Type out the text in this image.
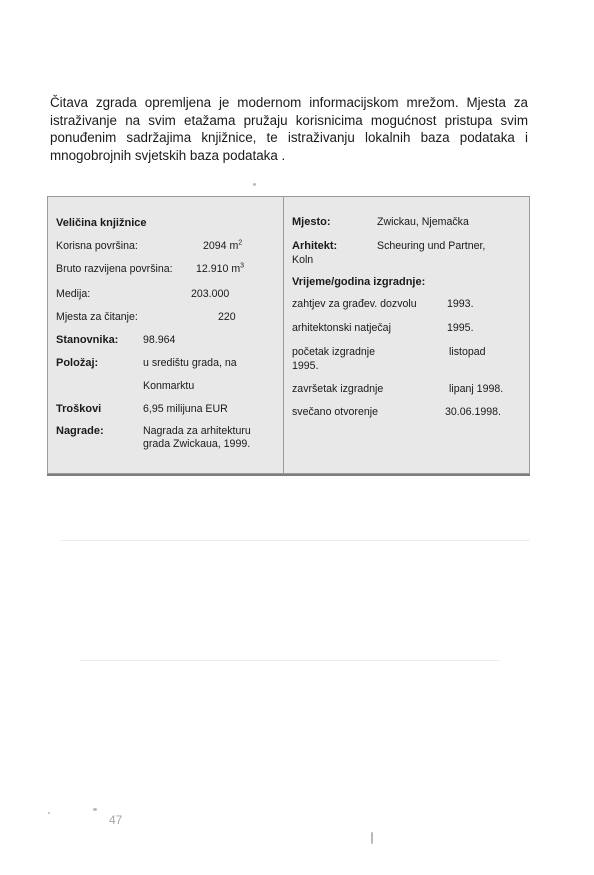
Čitava zgrada opremljena je modernom informacijskom mrežom. Mjesta za istraživanje na svim etažama pružaju korisnicima mogućnost pristupa svim ponuđenim sadržajima knjižnice, te istraživanju lokalnih baza podataka i mnogobrojnih svjetskih baza podataka .

Veličina knjižnice
Korisna površina:	2094 $m^2$
Bruto razvijena površina: 12.910 $m^3$
Medija:	203.000
Mjesta za čitanje:	220
Stanovnika: 98.964
Položaj:	u središtu grada, na
Konmarktu
Troškovi	6,95 milijuna EUR
Nagrade:	Nagrada za arhitekturu
grada Zwickaua, 1999.
Mjesto:	Zwickau, Njemačka
Arhitekt:	Scheuring und Partner,
Koln
Vrijeme/godina izgradnje:
zahtjev za građev. dozvolu	1993.
arhitektonski natječaj	1995.
početak izgradnje	listopad
1995.
završetak izgradnje	lipanj 1998.
svečano otvorenje	30.06.1998.
47
